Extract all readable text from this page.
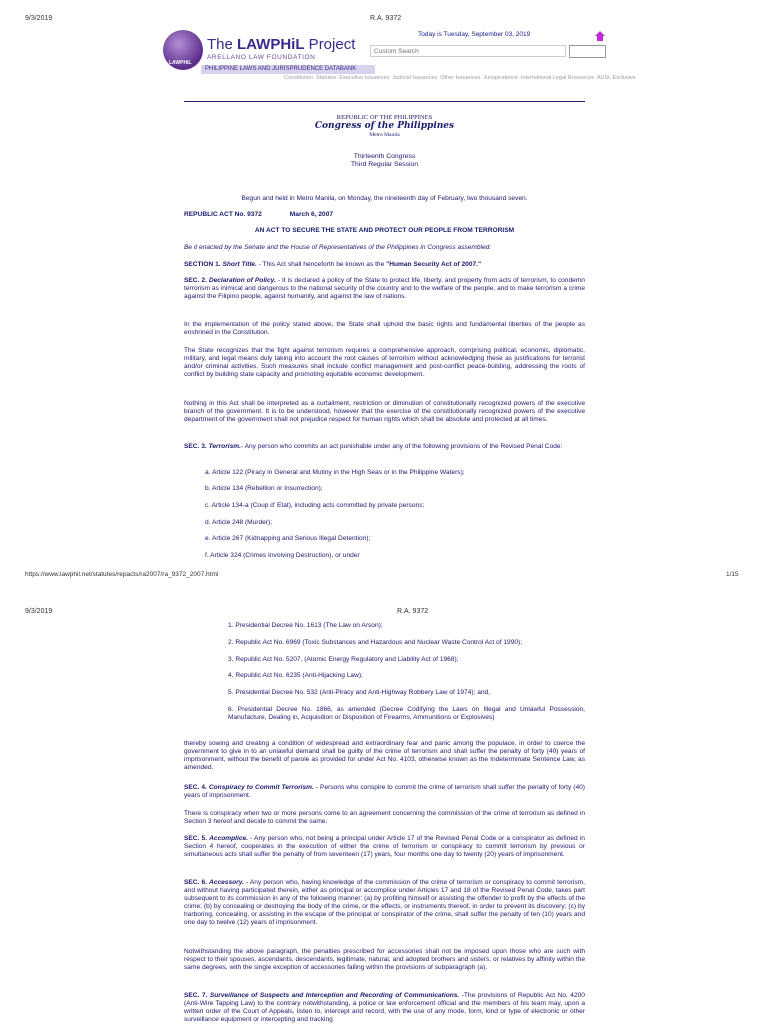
9/3/2019	R.A. 9372
LAWPHiL
The LAWPHiL Project
ARELLANO LAW FOUNDATION
PHILIPPINE LAWS AND JURISPRUDENCE DATABANK
Today is Tuesday, September 03, 2019
Custom Search
Constitution Statutes Executive Issuances Judicial Issuances Other Issuances Jurisprudence International Legal Resources AUSL Exclusive
REPUBLIC OF THE PHILIPPINES
Congress of the Philippines
Metro Manila
Thirteenth Congress
Third Regular Session
Begun and held in Metro Manila, on Monday, the nineteenth day of February, two thousand seven.
REPUBLIC ACT No. 9372	March 6, 2007
AN ACT TO SECURE THE STATE AND PROTECT OUR PEOPLE FROM TERRORISM
Be it enacted by the Senate and the House of Representatives of the Philippines in Congress assembled:
SECTION 1. Short Title. - This Act shall henceforth be known as the "Human Security Act of 2007."
SEC. 2. Declaration of Policy. - It is declared a policy of the State to protect life, liberty, and property from acts of terrorism, to condemn terrorism as inimical and dangerous to the national security of the country and to the welfare of the people, and to make terrorism a crime against the Filipino people, against humanity, and against the law of nations.
In the implementation of the policy stated above, the State shall uphold the basic rights and fundamental liberties of the people as enshrined in the Constitution.
The State recognizes that the fight against terrorism requires a comprehensive approach, comprising political, economic, diplomatic, military, and legal means duly taking into account the root causes of terrorism without acknowledging these as justifications for terrorist and/or criminal activities. Such measures shall include conflict management and post-conflict peace-building, addressing the roots of conflict by building state capacity and promoting equitable economic development.
Nothing in this Act shall be interpreted as a curtailment, restriction or diminution of constitutionally recognized powers of the executive branch of the government. It is to be understood, however that the exercise of the constitutionally recognized powers of the executive department of the government shall not prejudice respect for human rights which shall be absolute and protected at all times.
SEC. 3. Terrorism.- Any person who commits an act punishable under any of the following provisions of the Revised Penal Code:
a. Article 122 (Piracy in General and Mutiny in the High Seas or in the Philippine Waters);
b. Article 134 (Rebellion or Insurrection);
c. Article 134-a (Coup d' Etat), including acts committed by private persons;
d. Article 248 (Murder);
e. Article 267 (Kidnapping and Serious Illegal Detention);
f. Article 324 (Crimes Involving Destruction), or under
https://www.lawphil.net/statutes/repacts/ra2007/ra_9372_2007.html	1/15
9/3/2019	R.A. 9372
1. Presidential Decree No. 1613 (The Law on Arson);
2. Republic Act No. 6969 (Toxic Substances and Hazardous and Nuclear Waste Control Act of 1990);
3. Republic Act No. 5207, (Atomic Energy Regulatory and Liability Act of 1968);
4. Republic Act No. 6235 (Anti-Hijacking Law);
5. Presidential Decree No. 532 (Anti-Piracy and Anti-Highway Robbery Law of 1974); and,
6. Presidential Decree No. 1866, as amended (Decree Codifying the Laws on Illegal and Unlawful Possession, Manufacture, Dealing in, Acquisition or Disposition of Firearms, Ammunitions or Explosives)
thereby sowing and creating a condition of widespread and extraordinary fear and panic among the populace, in order to coerce the government to give in to an unlawful demand shall be guilty of the crime of terrorism and shall suffer the penalty of forty (40) years of imprisonment, without the benefit of parole as provided for under Act No. 4103, otherwise known as the Indeterminate Sentence Law, as amended.
SEC. 4. Conspiracy to Commit Terrorism. - Persons who conspire to commit the crime of terrorism shall suffer the penalty of forty (40) years of imprisonment.
There is conspiracy when two or more persons come to an agreement concerning the commission of the crime of terrorism as defined in Section 3 hereof and decide to commit the same.
SEC. 5. Accomplice. - Any person who, not being a principal under Article 17 of the Revised Penal Code or a conspirator as defined in Section 4 hereof, cooperates in the execution of either the crime of terrorism or conspiracy to commit terrorism by previous or simultaneous acts shall suffer the penalty of from seventeen (17) years, four months one day to twenty (20) years of imprisonment.
SEC. 6. Accessory. - Any person who, having knowledge of the commission of the crime of terrorism or conspiracy to commit terrorism, and without having participated therein, either as principal or accomplice under Articles 17 and 18 of the Revised Penal Code, takes part subsequent to its commission in any of the following manner: (a) by profiting himself or assisting the offender to profit by the effects of the crime; (b) by concealing or destroying the body of the crime, or the effects, or instruments thereof, in order to prevent its discovery; (c) by harboring, concealing, or assisting in the escape of the principal or conspirator of the crime, shall suffer the penalty of ten (10) years and one day to twelve (12) years of imprisonment.
Notwithstanding the above paragraph, the penalties prescribed for accessories shall not be imposed upon those who are such with respect to their spouses, ascendants, descendants, legitimate, natural, and adopted brothers and sisters, or relatives by affinity within the same degrees, with the single exception of accessories falling within the provisions of subparagraph (a).
SEC. 7. Surveillance of Suspects and Interception and Recording of Communications. -The provisions of Republic Act No. 4200 (Anti-Wire Tapping Law) to the contrary notwithstanding, a police or law enforcement official and the members of his team may, upon a written order of the Court of Appeals, listen to, intercept and record, with the use of any mode, form, kind or type of electronic or other surveillance equipment or intercepting and tracking
